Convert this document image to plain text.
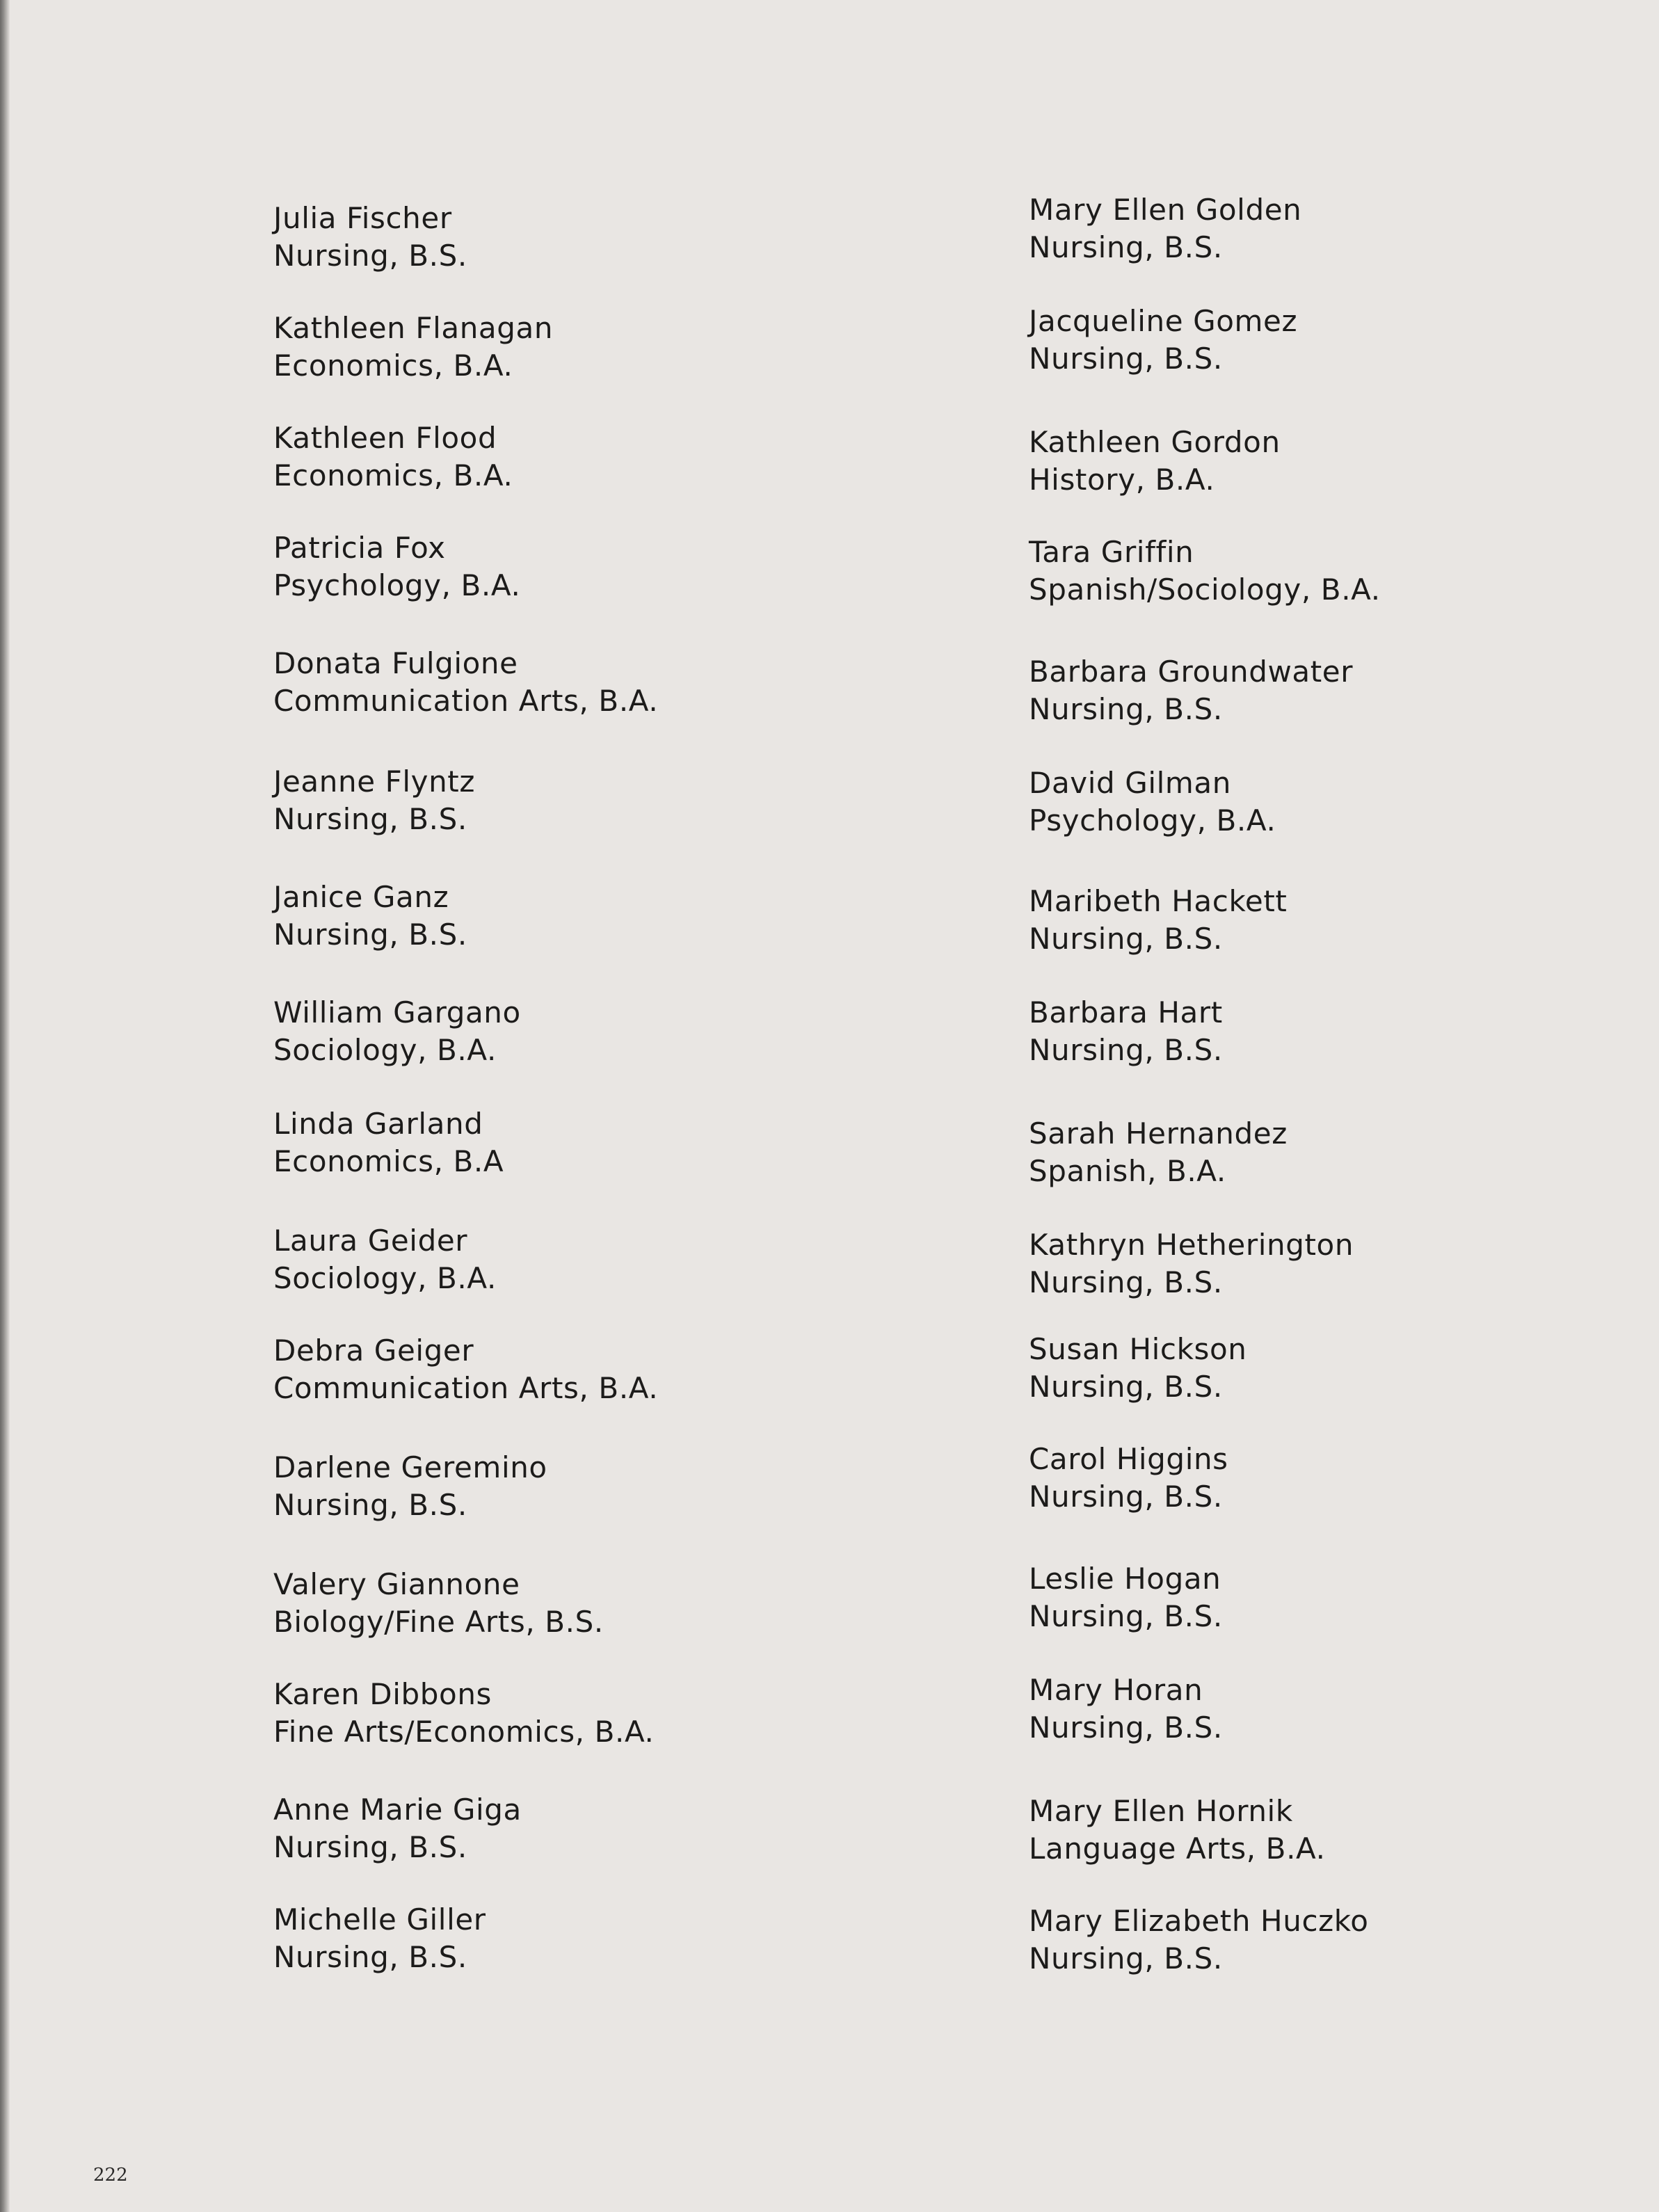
Julia Fischer
Nursing, B.S.
Kathleen Flanagan
Economics, B.A.
Kathleen Flood
Economics, B.A.
Patricia Fox
Psychology, B.A.
Donata Fulgione
Communication Arts, B.A.
Jeanne Flyntz
Nursing, B.S.
Janice Ganz
Nursing, B.S.
William Gargano
Sociology, B.A.
Linda Garland
Economics, B.A
Laura Geider
Sociology, B.A.
Debra Geiger
Communication Arts, B.A.
Darlene Geremino
Nursing, B.S.
Valery Giannone
Biology/Fine Arts, B.S.
Karen Dibbons
Fine Arts/Economics, B.A.
Anne Marie Giga
Nursing, B.S.
Michelle Giller
Nursing, B.S.
Mary Ellen Golden
Nursing, B.S.
Jacqueline Gomez
Nursing, B.S.
Kathleen Gordon
History, B.A.
Tara Griffin
Spanish/Sociology, B.A.
Barbara Groundwater
Nursing, B.S.
David Gilman
Psychology, B.A.
Maribeth Hackett
Nursing, B.S.
Barbara Hart
Nursing, B.S.
Sarah Hernandez
Spanish, B.A.
Kathryn Hetherington
Nursing, B.S.
Susan Hickson
Nursing, B.S.
Carol Higgins
Nursing, B.S.
Leslie Hogan
Nursing, B.S.
Mary Horan
Nursing, B.S.
Mary Ellen Hornik
Language Arts, B.A.
Mary Elizabeth Huczko
Nursing, B.S.
222
